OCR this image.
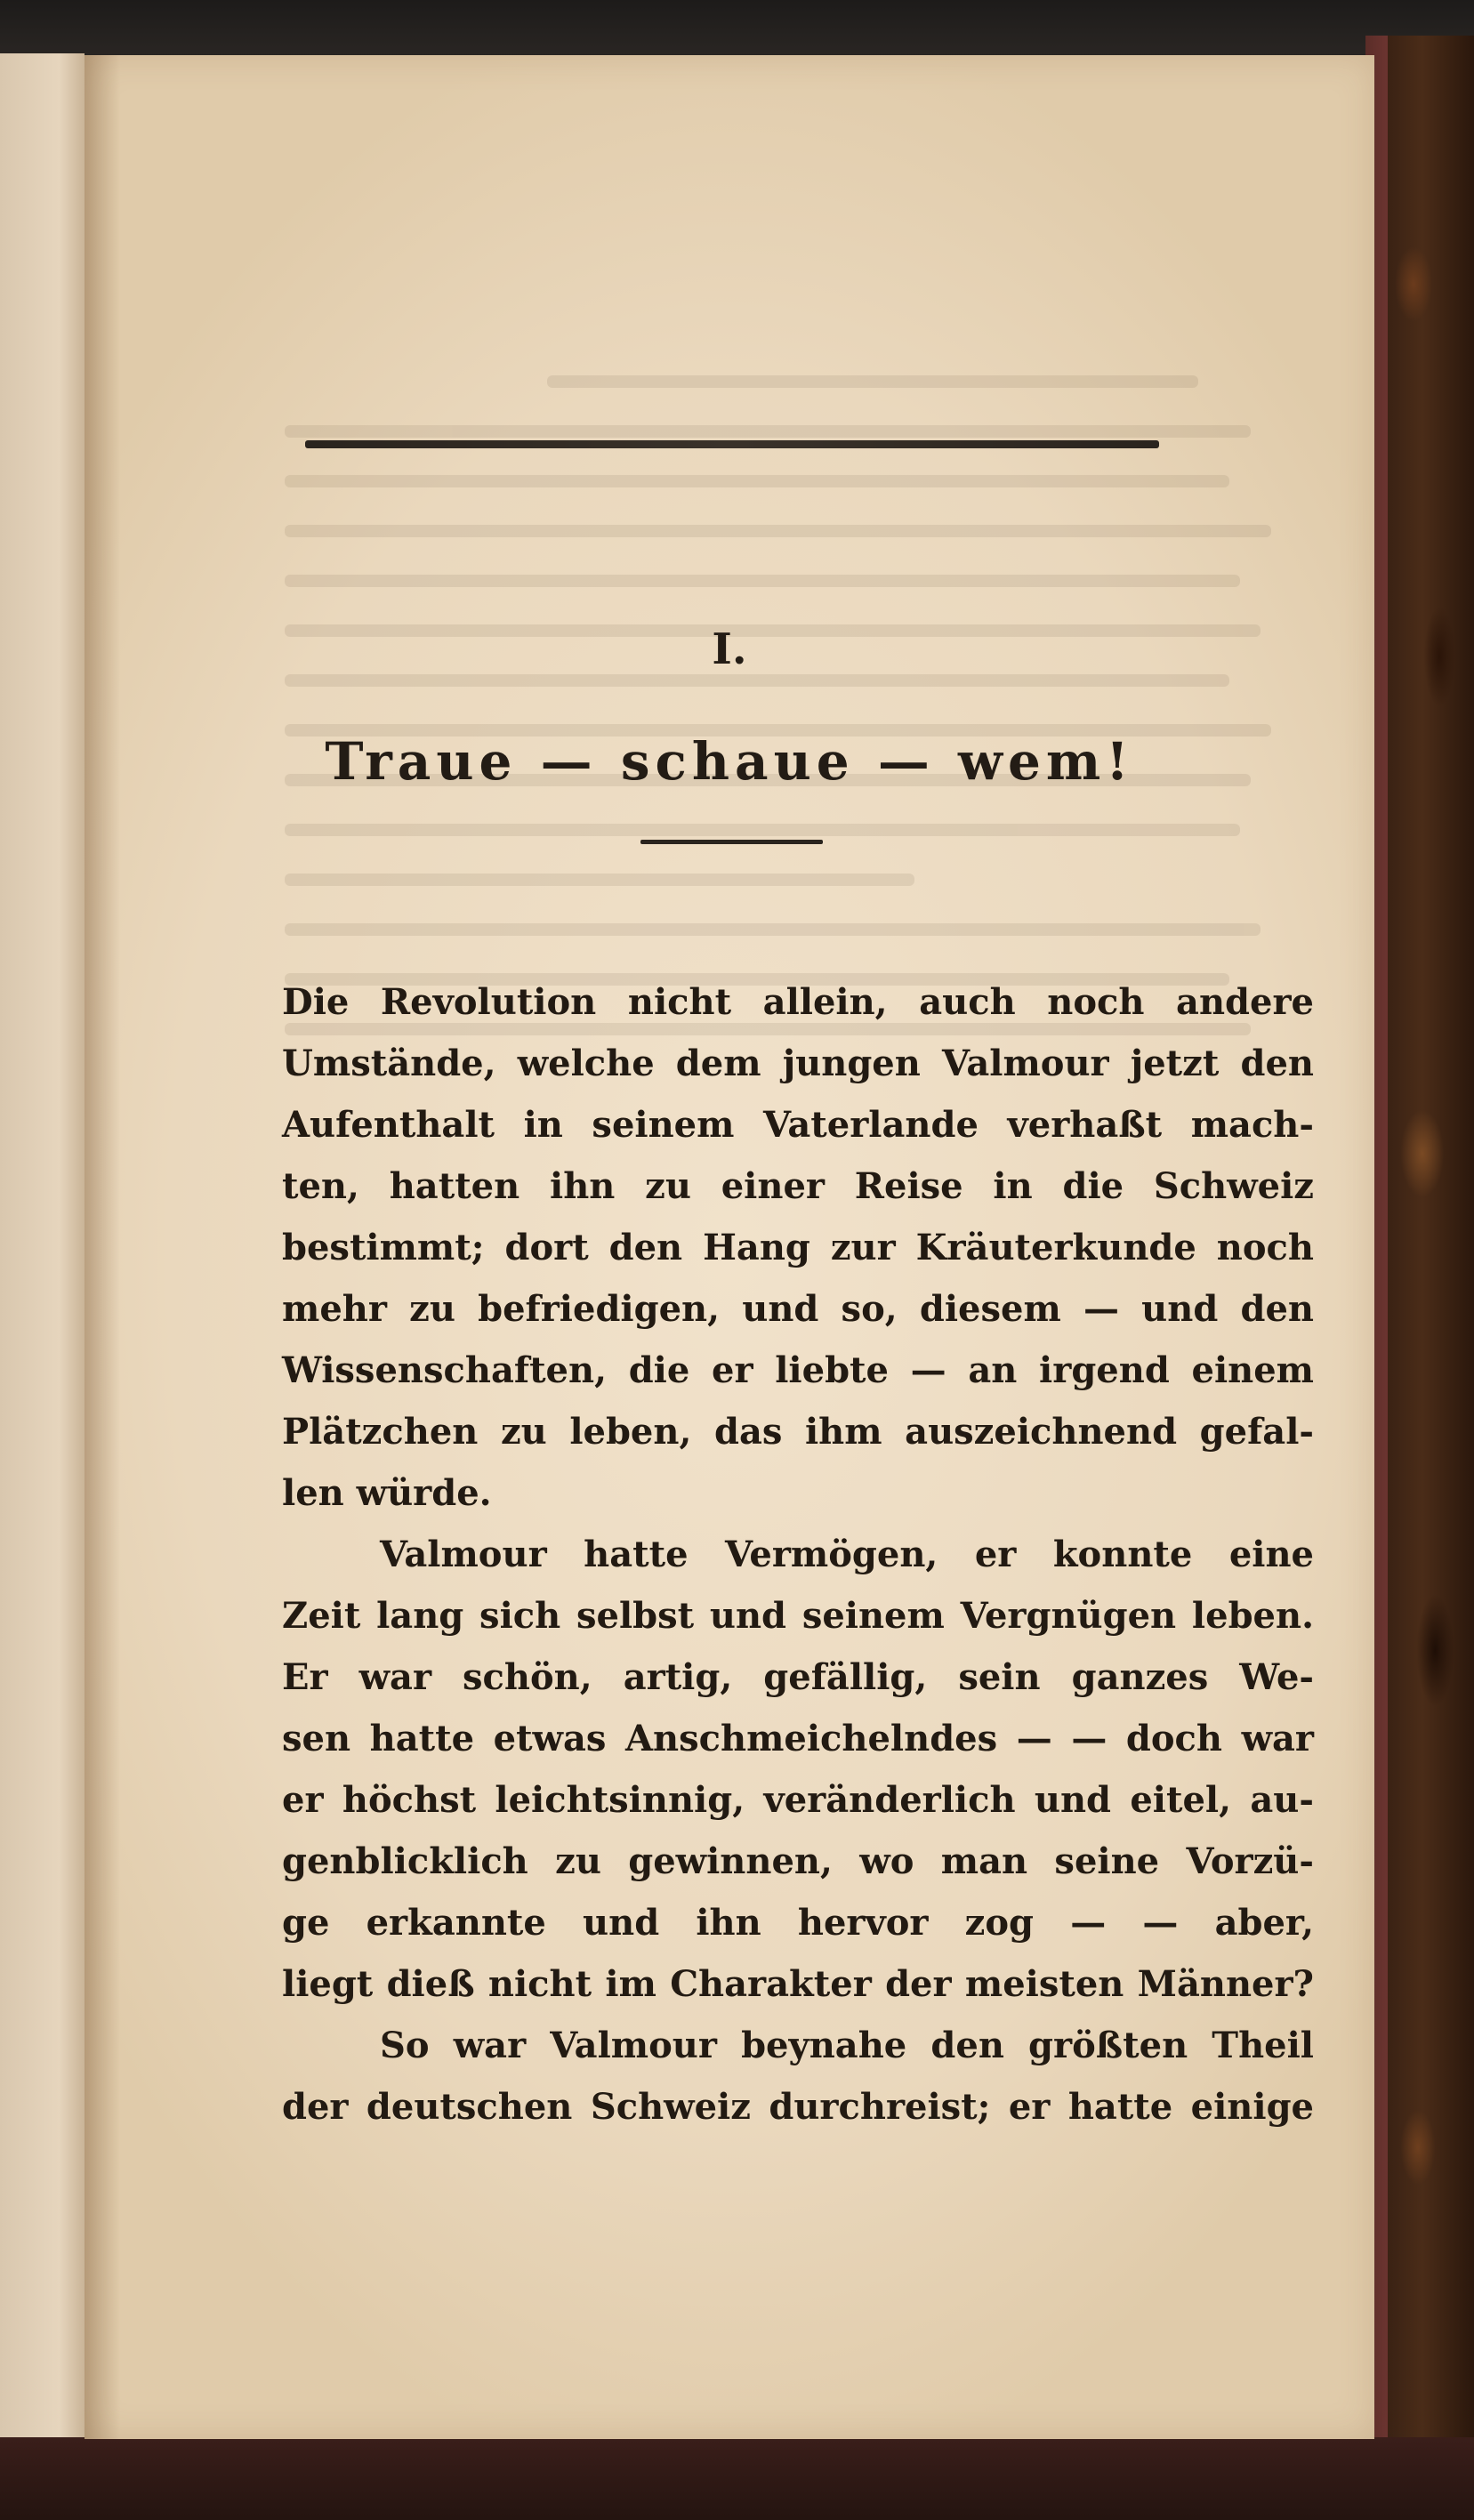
I.
Traue — schaue — wem!
Die Revolution nicht allein, auch noch andere
Umstände, welche dem jungen Valmour jetzt den
Aufenthalt in seinem Vaterlande verhaßt mach-
ten, hatten ihn zu einer Reise in die Schweiz
bestimmt; dort den Hang zur Kräuterkunde noch
mehr zu befriedigen, und so, diesem — und den
Wissenschaften, die er liebte — an irgend einem
Plätzchen zu leben, das ihm auszeichnend gefal-
len würde.
Valmour hatte Vermögen, er konnte eine
Zeit lang sich selbst und seinem Vergnügen leben.
Er war schön, artig, gefällig, sein ganzes We-
sen hatte etwas Anschmeichelndes — — doch war
er höchst leichtsinnig, veränderlich und eitel, au-
genblicklich zu gewinnen, wo man seine Vorzü-
ge erkannte und ihn hervor zog — — aber,
liegt dieß nicht im Charakter der meisten Männer?
So war Valmour beynahe den größten Theil
der deutschen Schweiz durchreist; er hatte einige
